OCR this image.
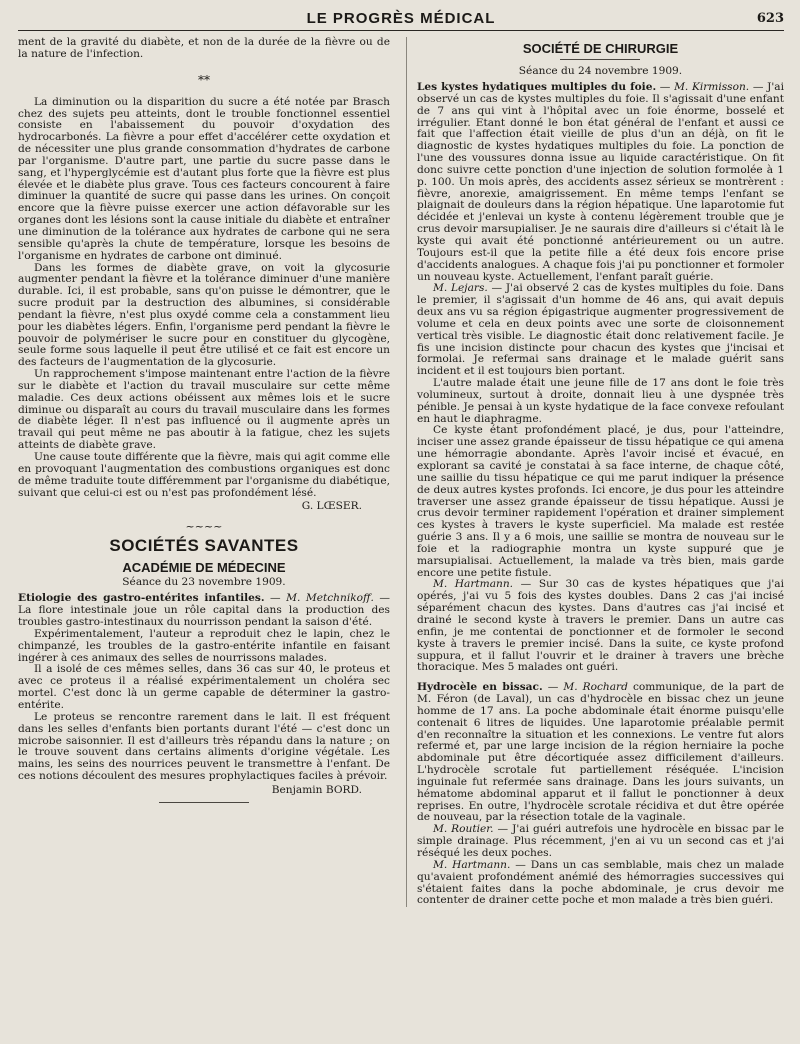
LE PROGRÈS MÉDICAL	623

ment de la gravité du diabète, et non de la durée de la fièvre ou de la nature de l'infection.

**

La diminution ou la disparition du sucre a été notée par Brasch chez des sujets peu atteints, dont le trouble fonctionnel essentiel consiste en l'abaissement du pouvoir d'oxydation des hydrocarbonés. La fièvre a pour effet d'accélérer cette oxydation et de nécessiter une plus grande consommation d'hydrates de carbone par l'organisme. D'autre part, une partie du sucre passe dans le sang, et l'hyperglycémie est d'autant plus forte que la fièvre est plus élevée et le diabète plus grave. Tous ces facteurs concourent à faire diminuer la quantité de sucre qui passe dans les urines. On conçoit encore que la fièvre puisse exercer une action défavorable sur les organes dont les lésions sont la cause initiale du diabète et entraîner une diminution de la tolérance aux hydrates de carbone qui ne sera sensible qu'après la chute de température, lorsque les besoins de l'organisme en hydrates de carbone ont diminué.

Dans les formes de diabète grave, on voit la glycosurie augmenter pendant la fièvre et la tolérance diminuer d'une manière durable. Ici, il est probable, sans qu'on puisse le démontrer, que le sucre produit par la destruction des albumines, si considérable pendant la fièvre, n'est plus oxydé comme cela a constamment lieu pour les diabètes légers. Enfin, l'organisme perd pendant la fièvre le pouvoir de polymériser le sucre pour en constituer du glycogène, seule forme sous laquelle il peut être utilisé et ce fait est encore un des facteurs de l'augmentation de la glycosurie.

Un rapprochement s'impose maintenant entre l'action de la fièvre sur le diabète et l'action du travail musculaire sur cette même maladie. Ces deux actions obéissent aux mêmes lois et le sucre diminue ou disparaît au cours du travail musculaire dans les formes de diabète léger. Il n'est pas influencé ou il augmente après un travail qui peut même ne pas aboutir à la fatigue, chez les sujets atteints de diabète grave.

Une cause toute différente que la fièvre, mais qui agit comme elle en provoquant l'augmentation des combustions organiques est donc de même traduite toute différemment par l'organisme du diabétique, suivant que celui-ci est ou n'est pas profondément lésé.

G. LŒSER.
~~~~
SOCIÉTÉS SAVANTES
ACADÉMIE DE MÉDECINE
Séance du 23 novembre 1909.

Etiologie des gastro-entérites infantiles. — M. Metchnikoff. — La flore intestinale joue un rôle capital dans la production des troubles gastro-intestinaux du nourrisson pendant la saison d'été.

Expérimentalement, l'auteur a reproduit chez le lapin, chez le chimpanzé, les troubles de la gastro-entérite infantile en faisant ingérer à ces animaux des selles de nourrissons malades.

Il a isolé de ces mêmes selles, dans 36 cas sur 40, le proteus et avec ce proteus il a réalisé expérimentalement un choléra sec mortel. C'est donc là un germe capable de déterminer la gastro-entérite.

Le proteus se rencontre rarement dans le lait. Il est fréquent dans les selles d'enfants bien portants durant l'été — c'est donc un microbe saisonnier. Il est d'ailleurs très répandu dans la nature ; on le trouve souvent dans certains aliments d'origine végétale. Les mains, les seins des nourrices peuvent le transmettre à l'enfant. De ces notions découlent des mesures prophylactiques faciles à prévoir.

Benjamin BORD.
SOCIÉTÉ DE CHIRURGIE
Séance du 24 novembre 1909.

Les kystes hydatiques multiples du foie. — M. Kirmisson. — J'ai observé un cas de kystes multiples du foie. Il s'agissait d'une enfant de 7 ans qui vint à l'hôpital avec un foie énorme, bosselé et irrégulier. Etant donné le bon état général de l'enfant et aussi ce fait que l'affection était vieille de plus d'un an déjà, on fit le diagnostic de kystes hydatiques multiples du foie. La ponction de l'une des voussures donna issue au liquide caractéristique. On fit donc suivre cette ponction d'une injection de solution formolée à 1 p. 100. Un mois après, des accidents assez sérieux se montrèrent : fièvre, anorexie, amaigrissement. En même temps l'enfant se plaignait de douleurs dans la région hépatique. Une laparotomie fut décidée et j'enlevai un kyste à contenu légèrement trouble que je crus devoir marsupialiser. Je ne saurais dire d'ailleurs si c'était là le kyste qui avait été ponctionné antérieurement ou un autre. Toujours est-il que la petite fille a été deux fois encore prise d'accidents analogues. A chaque fois j'ai pu ponctionner et formoler un nouveau kyste. Actuellement, l'enfant paraît guérie.

M. Lejars. — J'ai observé 2 cas de kystes multiples du foie. Dans le premier, il s'agissait d'un homme de 46 ans, qui avait depuis deux ans vu sa région épigastrique augmenter progressivement de volume et cela en deux points avec une sorte de cloisonnement vertical très visible. Le diagnostic était donc relativement facile. Je fis une incision distincte pour chacun des kystes que j'incisai et formolai. Je refermai sans drainage et le malade guérit sans incident et il est toujours bien portant.

L'autre malade était une jeune fille de 17 ans dont le foie très volumineux, surtout à droite, donnait lieu à une dyspnée très pénible. Je pensai à un kyste hydatique de la face convexe refoulant en haut le diaphragme.

Ce kyste étant profondément placé, je dus, pour l'atteindre, inciser une assez grande épaisseur de tissu hépatique ce qui amena une hémorragie abondante. Après l'avoir incisé et évacué, en explorant sa cavité je constatai à sa face interne, de chaque côté, une saillie du tissu hépatique ce qui me parut indiquer la présence de deux autres kystes profonds. Ici encore, je dus pour les atteindre traverser une assez grande épaisseur de tissu hépatique. Aussi je crus devoir terminer rapidement l'opération et drainer simplement ces kystes à travers le kyste superficiel. Ma malade est restée guérie 3 ans. Il y a 6 mois, une saillie se montra de nouveau sur le foie et la radiographie montra un kyste suppuré que je marsupialisai. Actuellement, la malade va très bien, mais garde encore une petite fistule.

M. Hartmann. — Sur 30 cas de kystes hépatiques que j'ai opérés, j'ai vu 5 fois des kystes doubles. Dans 2 cas j'ai incisé séparément chacun des kystes. Dans d'autres cas j'ai incisé et drainé le second kyste à travers le premier. Dans un autre cas enfin, je me contentai de ponctionner et de formoler le second kyste à travers le premier incisé. Dans la suite, ce kyste profond suppura, et il fallut l'ouvrir et le drainer à travers une brèche thoracique. Mes 5 malades ont guéri.

Hydrocèle en bissac. — M. Rochard communique, de la part de M. Féron (de Laval), un cas d'hydrocèle en bissac chez un jeune homme de 17 ans. La poche abdominale était énorme puisqu'elle contenait 6 litres de liquides. Une laparotomie préalable permit d'en reconnaître la situation et les connexions. Le ventre fut alors refermé et, par une large incision de la région herniaire la poche abdominale put être décortiquée assez difficilement d'ailleurs. L'hydrocèle scrotale fut partiellement réséquée. L'incision inguinale fut refermée sans drainage. Dans les jours suivants, un hématome abdominal apparut et il fallut le ponctionner à deux reprises. En outre, l'hydrocèle scrotale récidiva et dut être opérée de nouveau, par la résection totale de la vaginale.

M. Routier. — J'ai guéri autrefois une hydrocèle en bissac par le simple drainage. Plus récemment, j'en ai vu un second cas et j'ai réséqué les deux poches.

M. Hartmann. — Dans un cas semblable, mais chez un malade qu'avaient profondément anémié des hémorragies successives qui s'étaient faites dans la poche abdominale, je crus devoir me contenter de drainer cette poche et mon malade a très bien guéri.
